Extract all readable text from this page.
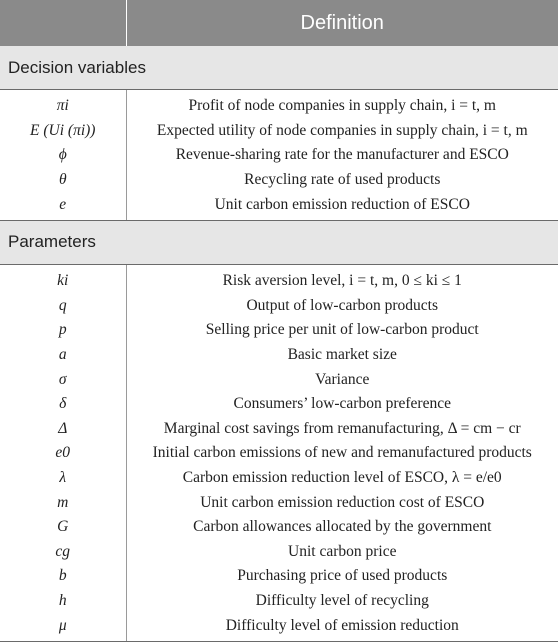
	Definition
Decision variables	
πi	Profit of node companies in supply chain, i = t, m
E (Ui (πi))	Expected utility of node companies in supply chain, i = t, m
ϕ	Revenue-sharing rate for the manufacturer and ESCO
θ	Recycling rate of used products
e	Unit carbon emission reduction of ESCO
Parameters	
ki	Risk aversion level, i = t, m, 0 ≤ ki ≤ 1
q	Output of low-carbon products
p	Selling price per unit of low-carbon product
a	Basic market size
σ	Variance
δ	Consumers’ low-carbon preference
Δ	Marginal cost savings from remanufacturing, Δ = cm − cr
e0	Initial carbon emissions of new and remanufactured products
λ	Carbon emission reduction level of ESCO, λ = e/e0
m	Unit carbon emission reduction cost of ESCO
G	Carbon allowances allocated by the government
cg	Unit carbon price
b	Purchasing price of used products
h	Difficulty level of recycling
μ	Difficulty level of emission reduction
